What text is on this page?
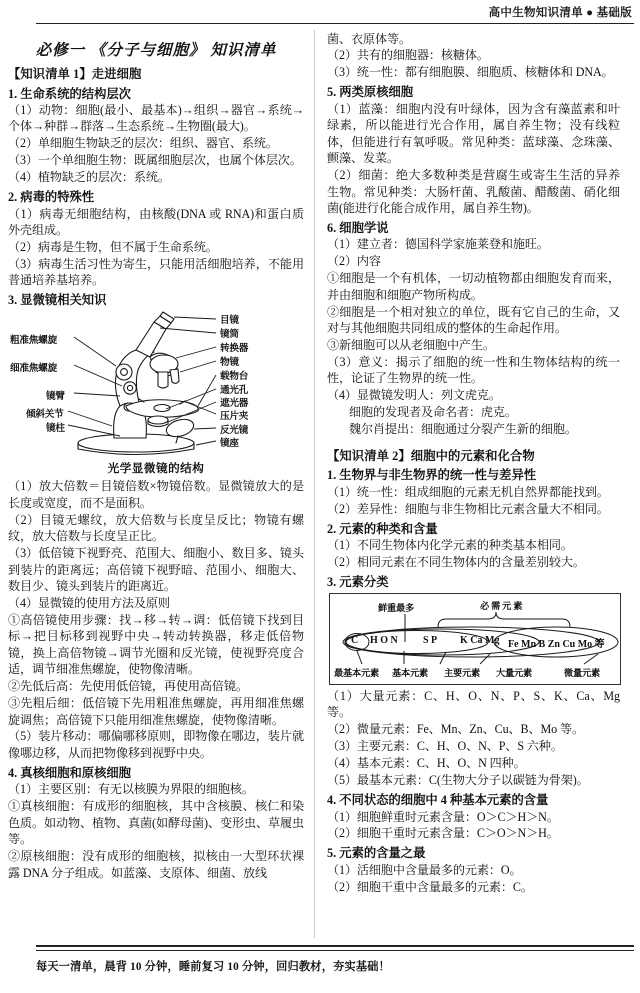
高中生物知识清单 ● 基础版
必修一 《分子与细胞》 知识清单
【知识清单 1】走进细胞
1. 生命系统的结构层次

（1）动物：细胞(最小、最基本)→组织→器官→系统→个体→种群→群落→生态系统→生物圈(最大)。

（2）单细胞生物缺乏的层次：组织、器官、系统。

（3）一个单细胞生物：既属细胞层次，也属个体层次。

（4）植物缺乏的层次：系统。

2. 病毒的特殊性

（1）病毒无细胞结构，由核酸(DNA 或 RNA)和蛋白质外壳组成。

（2）病毒是生物，但不属于生命系统。

（3）病毒生活习性为寄生，只能用活细胞培养，不能用普通培养基培养。

3. 显微镜相关知识
粗准焦螺旋
细准焦螺旋
镜臂
倾斜关节
镜柱
目镜
镜筒
转换器
物镜
载物台
通光孔
遮光器
压片夹
反光镜
镜座
光学显微镜的结构

（1）放大倍数＝目镜倍数×物镜倍数。显微镜放大的是长度或宽度，而不是面积。

（2）目镜无螺纹，放大倍数与长度呈反比；物镜有螺纹，放大倍数与长度呈正比。

（3）低倍镜下视野亮、范围大、细胞小、数目多、镜头到装片的距离远；高倍镜下视野暗、范围小、细胞大、数目少、镜头到装片的距离近。

（4）显微镜的使用方法及原则

①高倍镜使用步骤：找→移→转→调：低倍镜下找到目标→把目标移到视野中央→转动转换器，移走低倍物镜，换上高倍物镜→调节光圈和反光镜，使视野亮度合适，调节细准焦螺旋，使物像清晰。

②先低后高：先使用低倍镜，再使用高倍镜。

③先粗后细：低倍镜下先用粗准焦螺旋，再用细准焦螺旋调焦；高倍镜下只能用细准焦螺旋，使物像清晰。

（5）装片移动：哪偏哪移原则，即物像在哪边，装片就像哪边移，从而把物像移到视野中央。

4. 真核细胞和原核细胞

（1）主要区别：有无以核膜为界限的细胞核。

①真核细胞：有成形的细胞核，其中含核膜、核仁和染色质。如动物、植物、真菌(如酵母菌)、变形虫、草履虫等。

②原核细胞：没有成形的细胞核，拟核由一大型环状裸露 DNA 分子组成。如蓝藻、支原体、细菌、放线

菌、衣原体等。

（2）共有的细胞器：核糖体。

（3）统一性：都有细胞膜、细胞质、核糖体和 DNA。

5. 两类原核细胞

（1）蓝藻：细胞内没有叶绿体，因为含有藻蓝素和叶绿素，所以能进行光合作用，属自养生物；没有线粒体，但能进行有氧呼吸。常见种类：蓝球藻、念珠藻、颤藻、发菜。

（2）细菌：绝大多数种类是营腐生或寄生生活的异养生物。常见种类：大肠杆菌、乳酸菌、醋酸菌、硝化细菌(能进行化能合成作用，属自养生物)。

6. 细胞学说

（1）建立者：德国科学家施莱登和施旺。

（2）内容

①细胞是一个有机体，一切动植物都由细胞发育而来，并由细胞和细胞产物所构成。

②细胞是一个相对独立的单位，既有它自己的生命，又对与其他细胞共同组成的整体的生命起作用。

③新细胞可以从老细胞中产生。

（3）意义：揭示了细胞的统一性和生物体结构的统一性，论证了生物界的统一性。

（4）显微镜发明人：列文虎克。

细胞的发现者及命名者：虎克。

魏尔肖提出：细胞通过分裂产生新的细胞。

【知识清单 2】细胞中的元素和化合物
1. 生物界与非生物界的统一性与差异性

（1）统一性：组成细胞的元素无机自然界都能找到。

（2）差异性：细胞与非生物相比元素含量大不相同。

2. 元素的种类和含量

（1）不同生物体内化学元素的种类基本相同。

（2）相同元素在不同生物体内的含量差别较大。

3. 元素分类
鲜重最多	必 需 元 素
C H O N	S P K Ca Mg Fe Mn B Zn Cu Mo 等
最基本元素 基本元素 主要元素 大量元素	微量元素

（1）大量元素：C、H、O、N、P、S、K、Ca、Mg 等。

（2）微量元素：Fe、Mn、Zn、Cu、B、Mo 等。

（3）主要元素：C、H、O、N、P、S 六种。

（4）基本元素：C、H、O、N 四种。

（5）最基本元素：C(生物大分子以碳链为骨架)。

4. 不同状态的细胞中 4 种基本元素的含量

（1）细胞鲜重时元素含量：O＞C＞H＞N。

（2）细胞干重时元素含量：C＞O＞N＞H。

5. 元素的含量之最

（1）活细胞中含量最多的元素：O。

（2）细胞干重中含量最多的元素：C。

每天一清单，晨背 10 分钟，睡前复习 10 分钟，回归教材，夯实基础！
